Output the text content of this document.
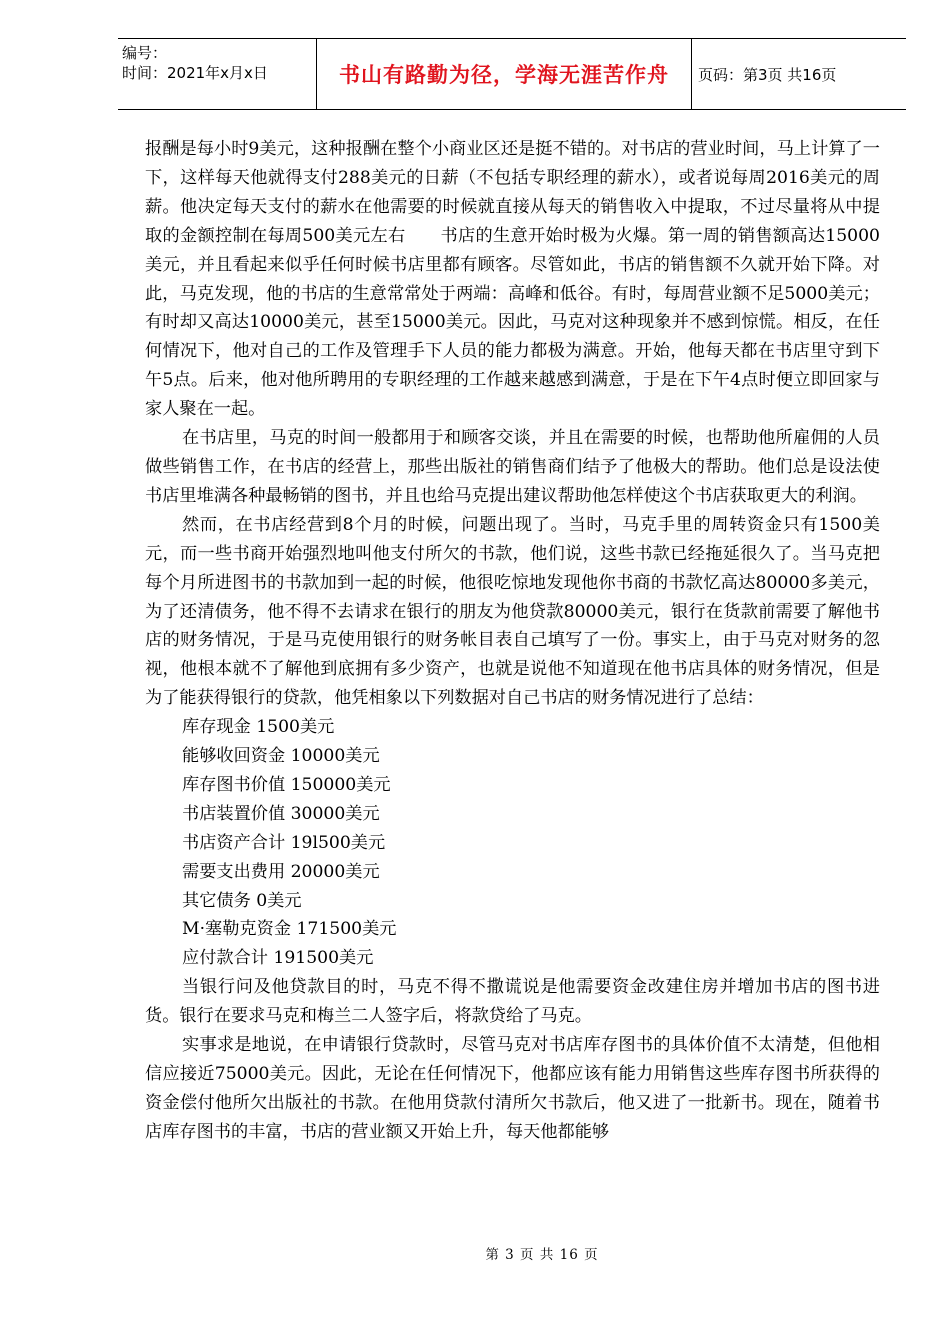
编号：
时间：2021年x月x日	书山有路勤为径，学海无涯苦作舟 页码：第3页 共16页

报酬是每小时9美元，这种报酬在整个小商业区还是挺不错的。对书店的营业时间，马上计算了一下，这样每天他就得支付288美元的日薪（不包括专职经理的薪水），或者说每周2016美元的周薪。他决定每天支付的薪水在他需要的时候就直接从每天的销售收入中提取，不过尽量将从中提取的金额控制在每周500美元左右　　书店的生意开始时极为火爆。第一周的销售额高达15000美元，并且看起来似乎任何时候书店里都有顾客。尽管如此，书店的销售额不久就开始下降。对此，马克发现，他的书店的生意常常处于两端：高峰和低谷。有时，每周营业额不足5000美元；有时却又高达10000美元，甚至15000美元。因此，马克对这种现象并不感到惊慌。相反，在任何情况下，他对自己的工作及管理手下人员的能力都极为满意。开始，他每天都在书店里守到下午5点。后来，他对他所聘用的专职经理的工作越来越感到满意，于是在下午4点时便立即回家与家人聚在一起。

在书店里，马克的时间一般都用于和顾客交谈，并且在需要的时候，也帮助他所雇佣的人员做些销售工作，在书店的经营上，那些出版社的销售商们结予了他极大的帮助。他们总是设法使书店里堆满各种最畅销的图书，并且也给马克提出建议帮助他怎样使这个书店获取更大的利润。

然而，在书店经营到8个月的时候，问题出现了。当时，马克手里的周转资金只有1500美元，而一些书商开始强烈地叫他支付所欠的书款，他们说，这些书款已经拖延很久了。当马克把每个月所进图书的书款加到一起的时候，他很吃惊地发现他你书商的书款忆高达80000多美元，为了还清债务，他不得不去请求在银行的朋友为他贷款80000美元，银行在货款前需要了解他书店的财务情况，于是马克使用银行的财务帐目表自己填写了一份。事实上，由于马克对财务的忽视，他根本就不了解他到底拥有多少资产，也就是说他不知道现在他书店具体的财务情况，但是为了能获得银行的贷款，他凭相象以下列数据对自己书店的财务情况进行了总结：

库存现金 1500美元

能够收回资金 10000美元

库存图书价值 150000美元

书店装置价值 30000美元

书店资产合计 19l500美元

需要支出费用 20000美元

其它债务 0美元

M·塞勒克资金 171500美元

应付款合计 191500美元

当银行问及他贷款目的时，马克不得不撒谎说是他需要资金改建住房并增加书店的图书进货。银行在要求马克和梅兰二人签字后，将款贷给了马克。

实事求是地说，在申请银行贷款时，尽管马克对书店库存图书的具体价值不太清楚，但他相信应接近75000美元。因此，无论在任何情况下，他都应该有能力用销售这些库存图书所获得的资金偿付他所欠出版社的书款。在他用贷款付清所欠书款后，他又进了一批新书。现在，随着书店库存图书的丰富，书店的营业额又开始上升，每天他都能够

第 3 页 共 16 页
